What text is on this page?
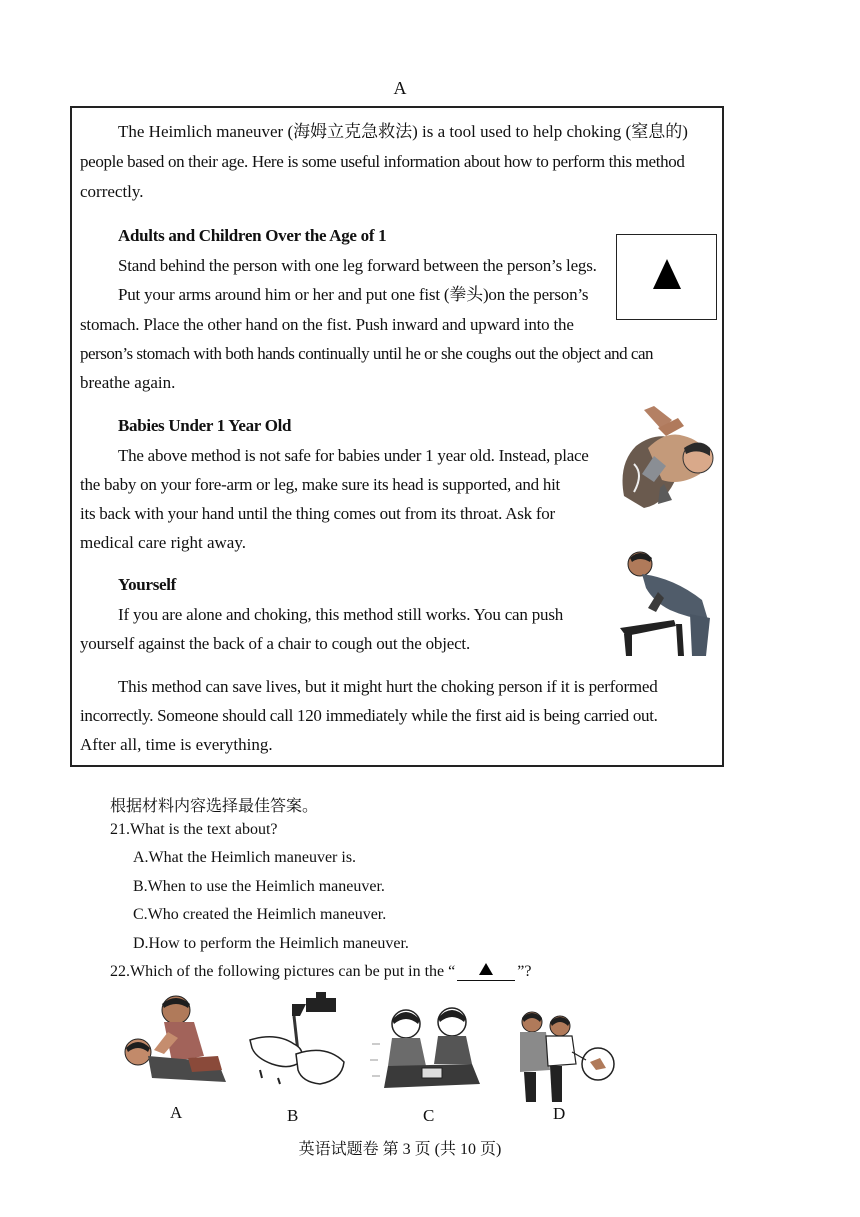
A
The Heimlich maneuver (海姆立克急救法) is a tool used to help choking (窒息的)
people based on their age. Here is some useful information about how to perform this method
correctly.
Adults and Children Over the Age of 1
Stand behind the person with one leg forward between the person’s legs.
Put your arms around him or her and put one fist (拳头)on the person’s
stomach. Place the other hand on the fist. Push inward and upward into the
person’s stomach with both hands continually until he or she coughs out the object and can
breathe again.
Babies Under 1 Year Old
The above method is not safe for babies under 1 year old. Instead, place
the baby on your fore-arm or leg, make sure its head is supported, and hit
its back with your hand until the thing comes out from its throat. Ask for
medical care right away.
Yourself
If you are alone and choking, this method still works. You can push
yourself against the back of a chair to cough out the object.
This method can save lives, but it might hurt the choking person if it is performed
incorrectly. Someone should call 120 immediately while the first aid is being carried out.
After all, time is everything.
根据材料内容选择最佳答案。
21.What is the text about?
A.What the Heimlich maneuver is.
B.When to use the Heimlich maneuver.
C.Who created the Heimlich maneuver.
D.How to perform the Heimlich maneuver.
22.Which of the following pictures can be put in the “	”?
A	B	C	D
英语试题卷 第 3 页 (共 10 页)
